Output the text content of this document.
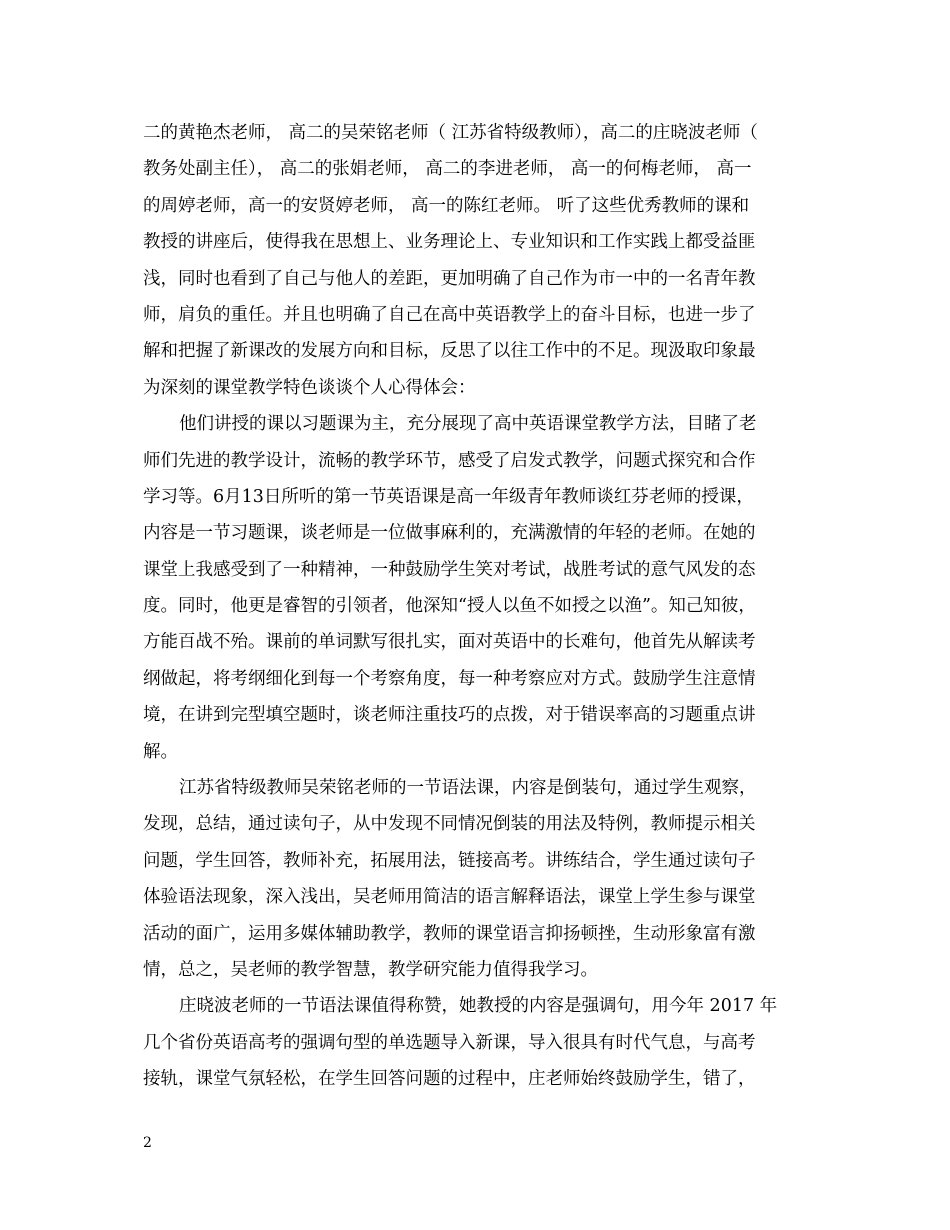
二的黄艳杰老师， 高二的吴荣铭老师（ 江苏省特级教师），高二的庄晓波老师（
教务处副主任）， 高二的张娟老师， 高二的李进老师， 高一的何梅老师， 高一
的周婷老师，高一的安贤婷老师， 高一的陈红老师。 听了这些优秀教师的课和
教授的讲座后，使得我在思想上、业务理论上、专业知识和工作实践上都受益匪
浅，同时也看到了自己与他人的差距，更加明确了自己作为市一中的一名青年教
师，肩负的重任。并且也明确了自己在高中英语教学上的奋斗目标，也进一步了
解和把握了新课改的发展方向和目标，反思了以往工作中的不足。现汲取印象最
为深刻的课堂教学特色谈谈个人心得体会：
他们讲授的课以习题课为主，充分展现了高中英语课堂教学方法，目睹了老
师们先进的教学设计，流畅的教学环节，感受了启发式教学，问题式探究和合作
学习等。6月13日所听的第一节英语课是高一年级青年教师谈红芬老师的授课，
内容是一节习题课，谈老师是一位做事麻利的，充满激情的年轻的老师。在她的
课堂上我感受到了一种精神，一种鼓励学生笑对考试，战胜考试的意气风发的态
度。同时，他更是睿智的引领者，他深知“授人以鱼不如授之以渔”。知己知彼，
方能百战不殆。课前的单词默写很扎实，面对英语中的长难句，他首先从解读考
纲做起，将考纲细化到每一个考察角度，每一种考察应对方式。鼓励学生注意情
境，在讲到完型填空题时，谈老师注重技巧的点拨，对于错误率高的习题重点讲
解。
江苏省特级教师吴荣铭老师的一节语法课，内容是倒装句，通过学生观察，
发现，总结，通过读句子，从中发现不同情况倒装的用法及特例，教师提示相关
问题，学生回答，教师补充，拓展用法，链接高考。讲练结合，学生通过读句子
体验语法现象，深入浅出，吴老师用简洁的语言解释语法，课堂上学生参与课堂
活动的面广，运用多媒体辅助教学，教师的课堂语言抑扬顿挫，生动形象富有激
情，总之，吴老师的教学智慧，教学研究能力值得我学习。
庄晓波老师的一节语法课值得称赞，她教授的内容是强调句，用今年 2017 年
几个省份英语高考的强调句型的单选题导入新课，导入很具有时代气息，与高考
接轨，课堂气氛轻松，在学生回答问题的过程中，庄老师始终鼓励学生，错了，
2
